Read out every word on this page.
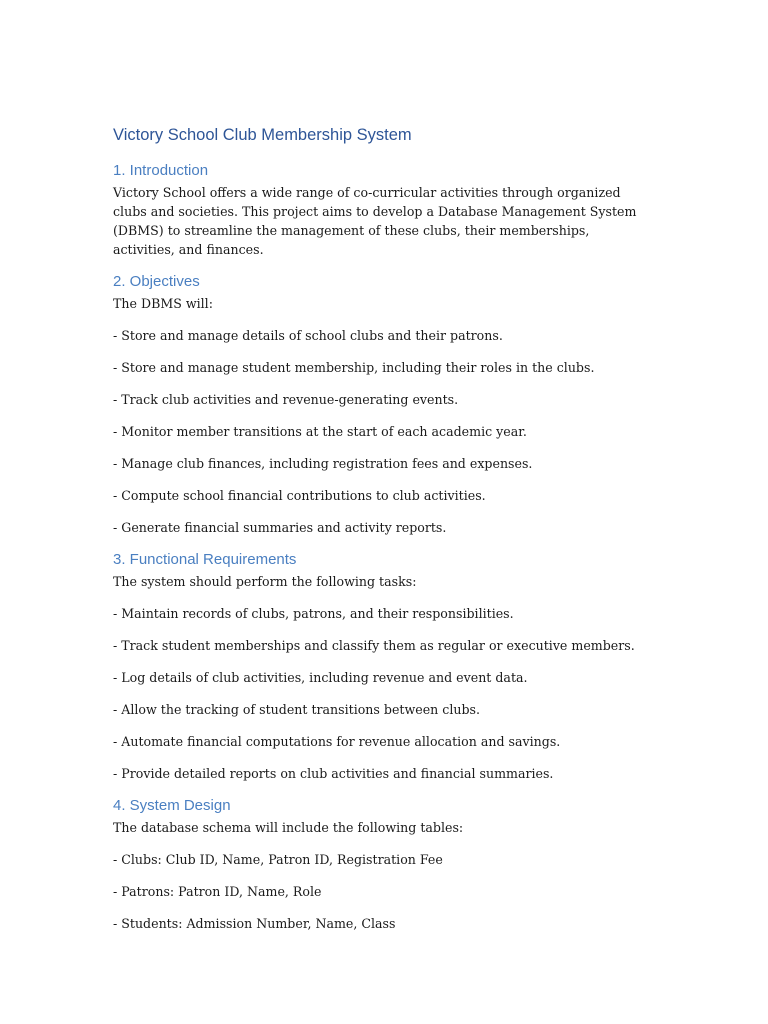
Victory School Club Membership System
1. Introduction

Victory School offers a wide range of co-curricular activities through organized clubs and societies. This project aims to develop a Database Management System (DBMS) to streamline the management of these clubs, their memberships, activities, and finances.

2. Objectives

The DBMS will:

- Store and manage details of school clubs and their patrons.

- Store and manage student membership, including their roles in the clubs.

- Track club activities and revenue-generating events.

- Monitor member transitions at the start of each academic year.

- Manage club finances, including registration fees and expenses.

- Compute school financial contributions to club activities.

- Generate financial summaries and activity reports.

3. Functional Requirements

The system should perform the following tasks:

- Maintain records of clubs, patrons, and their responsibilities.

- Track student memberships and classify them as regular or executive members.

- Log details of club activities, including revenue and event data.

- Allow the tracking of student transitions between clubs.

- Automate financial computations for revenue allocation and savings.

- Provide detailed reports on club activities and financial summaries.

4. System Design

The database schema will include the following tables:

- Clubs: Club ID, Name, Patron ID, Registration Fee

- Patrons: Patron ID, Name, Role

- Students: Admission Number, Name, Class
